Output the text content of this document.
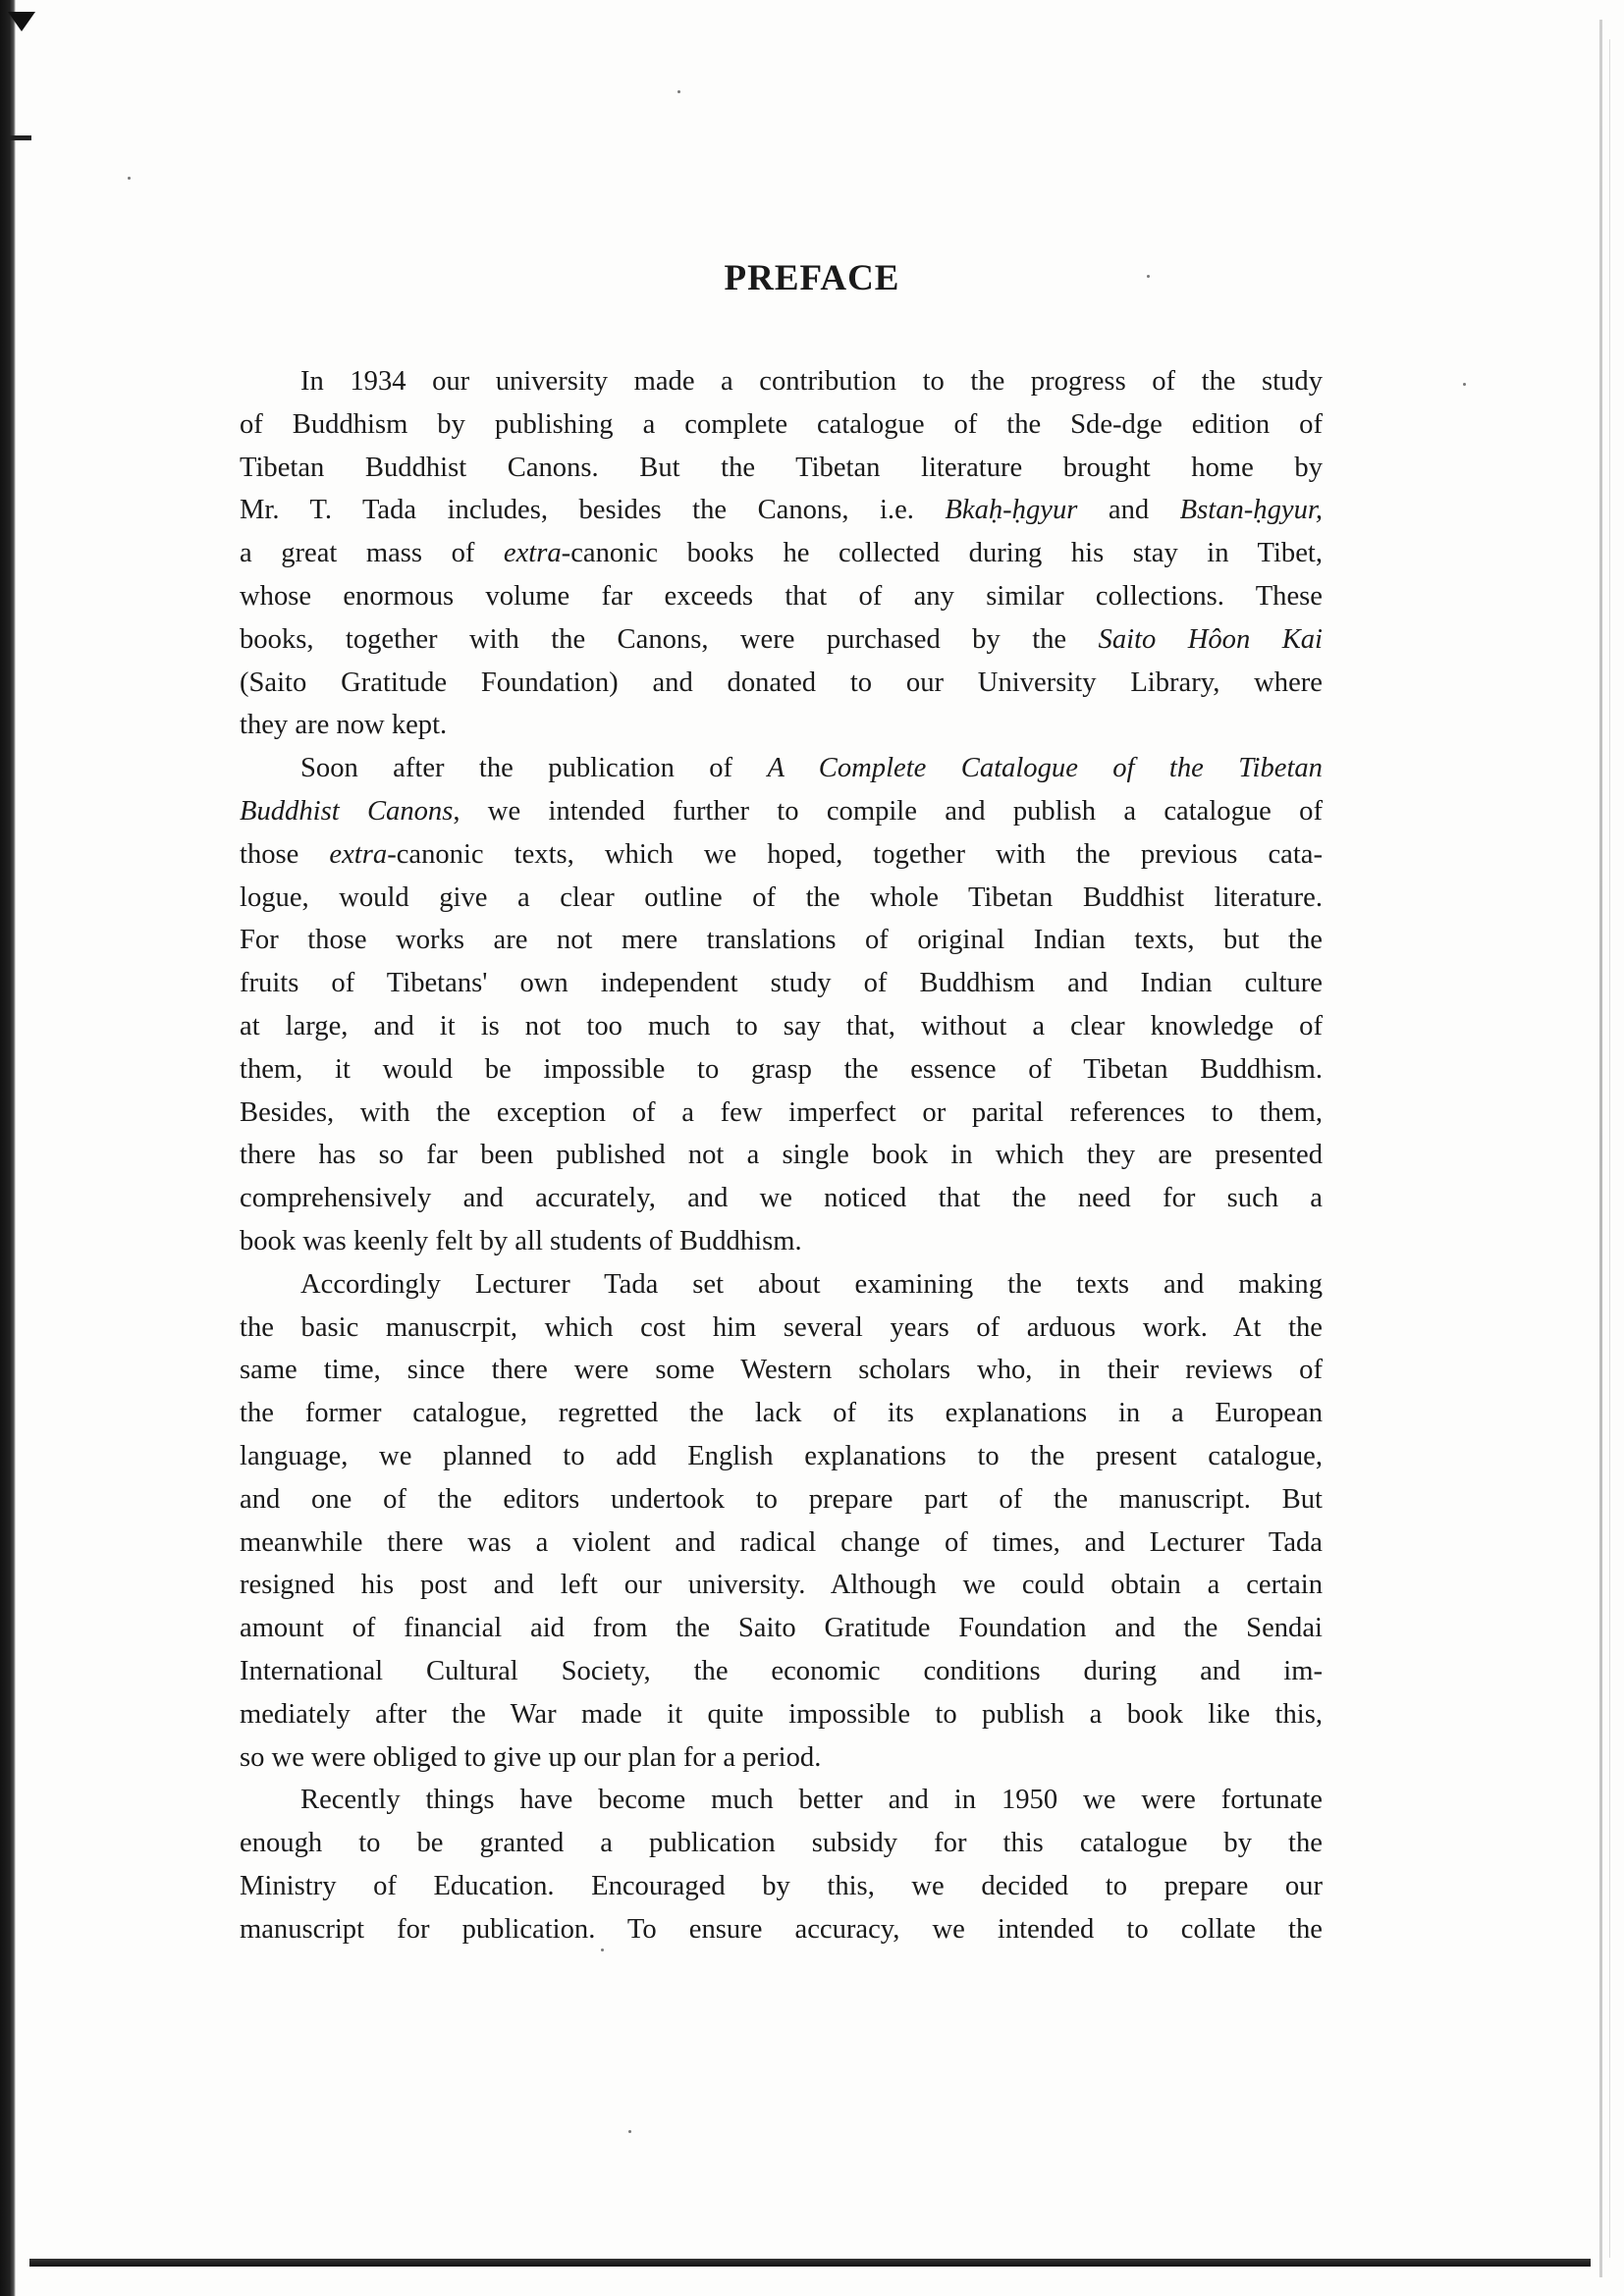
PREFACE

In 1934 our university made a contribution to the progress of the study
of Buddhism by publishing a complete catalogue of the Sde-dge edition of
Tibetan Buddhist Canons. But the Tibetan literature brought home by
Mr. T. Tada includes, besides the Canons, i.e. Bkaḥ-ḥgyur and Bstan-ḥgyur,
a great mass of extra-canonic books he collected during his stay in Tibet,
whose enormous volume far exceeds that of any similar collections. These
books, together with the Canons, were purchased by the Saito Hôon Kai
(Saito Gratitude Foundation) and donated to our University Library, where
they are now kept.

Soon after the publication of A Complete Catalogue of the Tibetan
Buddhist Canons, we intended further to compile and publish a catalogue of
those extra-canonic texts, which we hoped, together with the previous cata-
logue, would give a clear outline of the whole Tibetan Buddhist literature.
For those works are not mere translations of original Indian texts, but the
fruits of Tibetans' own independent study of Buddhism and Indian culture
at large, and it is not too much to say that, without a clear knowledge of
them, it would be impossible to grasp the essence of Tibetan Buddhism.
Besides, with the exception of a few imperfect or parital references to them,
there has so far been published not a single book in which they are presented
comprehensively and accurately, and we noticed that the need for such a
book was keenly felt by all students of Buddhism.

Accordingly Lecturer Tada set about examining the texts and making
the basic manuscrpit, which cost him several years of arduous work. At the
same time, since there were some Western scholars who, in their reviews of
the former catalogue, regretted the lack of its explanations in a European
language, we planned to add English explanations to the present catalogue,
and one of the editors undertook to prepare part of the manuscript. But
meanwhile there was a violent and radical change of times, and Lecturer Tada
resigned his post and left our university. Although we could obtain a certain
amount of financial aid from the Saito Gratitude Foundation and the Sendai
International Cultural Society, the economic conditions during and im-
mediately after the War made it quite impossible to publish a book like this,
so we were obliged to give up our plan for a period.

Recently things have become much better and in 1950 we were fortunate
enough to be granted a publication subsidy for this catalogue by the
Ministry of Education. Encouraged by this, we decided to prepare our
manuscript for publication. To ensure accuracy, we intended to collate the
